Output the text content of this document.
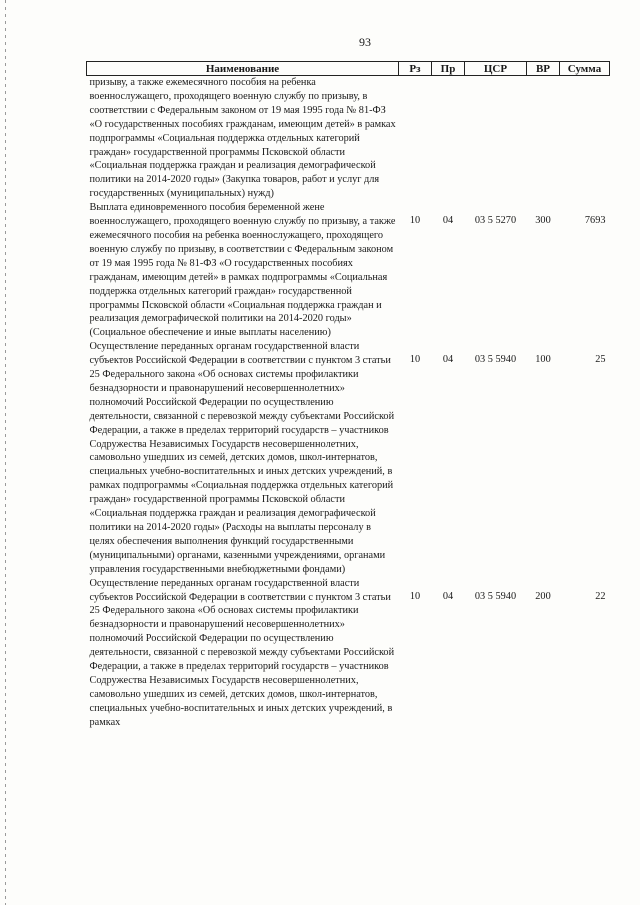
93
Наименование	Рз	Пр	ЦСР	ВР	Сумма
призыву, а также ежемесячного пособия на ребенка военнослужащего, проходящего военную службу по призыву, в соответствии с Федеральным законом от 19 мая 1995 года № 81-ФЗ «О государственных пособиях гражданам, имеющим детей» в рамках подпрограммы «Социальная поддержка отдельных категорий граждан» государственной программы Псковской области «Социальная поддержка граждан и реализация демографической политики на 2014-2020 годы» (Закупка товаров, работ и услуг для государственных (муниципальных) нужд)					
Выплата единовременного пособия беременной жене военнослужащего, проходящего военную службу по призыву, а также ежемесячного пособия на ребенка военнослужащего, проходящего военную службу по призыву, в соответствии с Федеральным законом от 19 мая 1995 года № 81-ФЗ «О государственных пособиях гражданам, имеющим детей» в рамках подпрограммы «Социальная поддержка отдельных категорий граждан» государственной программы Псковской области «Социальная поддержка граждан и реализация демографической политики на 2014-2020 годы» (Социальное обеспечение и иные выплаты населению)	10	04	03 5 5270	300	7693
Осуществление переданных органам государственной власти субъектов Российской Федерации в соответствии с пунктом 3 статьи 25 Федерального закона «Об основах системы профилактики безнадзорности и правонарушений несовершеннолетних» полномочий Российской Федерации по осуществлению деятельности, связанной с перевозкой между субъектами Российской Федерации, а также в пределах территорий государств – участников Содружества Независимых Государств несовершеннолетних, самовольно ушедших из семей, детских домов, школ-интернатов, специальных учебно-воспитательных и иных детских учреждений, в рамках подпрограммы «Социальная поддержка отдельных категорий граждан» государственной программы Псковской области «Социальная поддержка граждан и реализация демографической политики на 2014-2020 годы» (Расходы на выплаты персоналу в целях обеспечения выполнения функций государственными (муниципальными) органами, казенными учреждениями, органами управления государственными внебюджетными фондами)	10	04	03 5 5940	100	25
Осуществление переданных органам государственной власти субъектов Российской Федерации в соответствии с пунктом 3 статьи 25 Федерального закона «Об основах системы профилактики безнадзорности и правонарушений несовершеннолетних» полномочий Российской Федерации по осуществлению деятельности, связанной с перевозкой между субъектами Российской Федерации, а также в пределах территорий государств – участников Содружества Независимых Государств несовершеннолетних, самовольно ушедших из семей, детских домов, школ-интернатов, специальных учебно-воспитательных и иных детских учреждений, в рамках	10	04	03 5 5940	200	22
